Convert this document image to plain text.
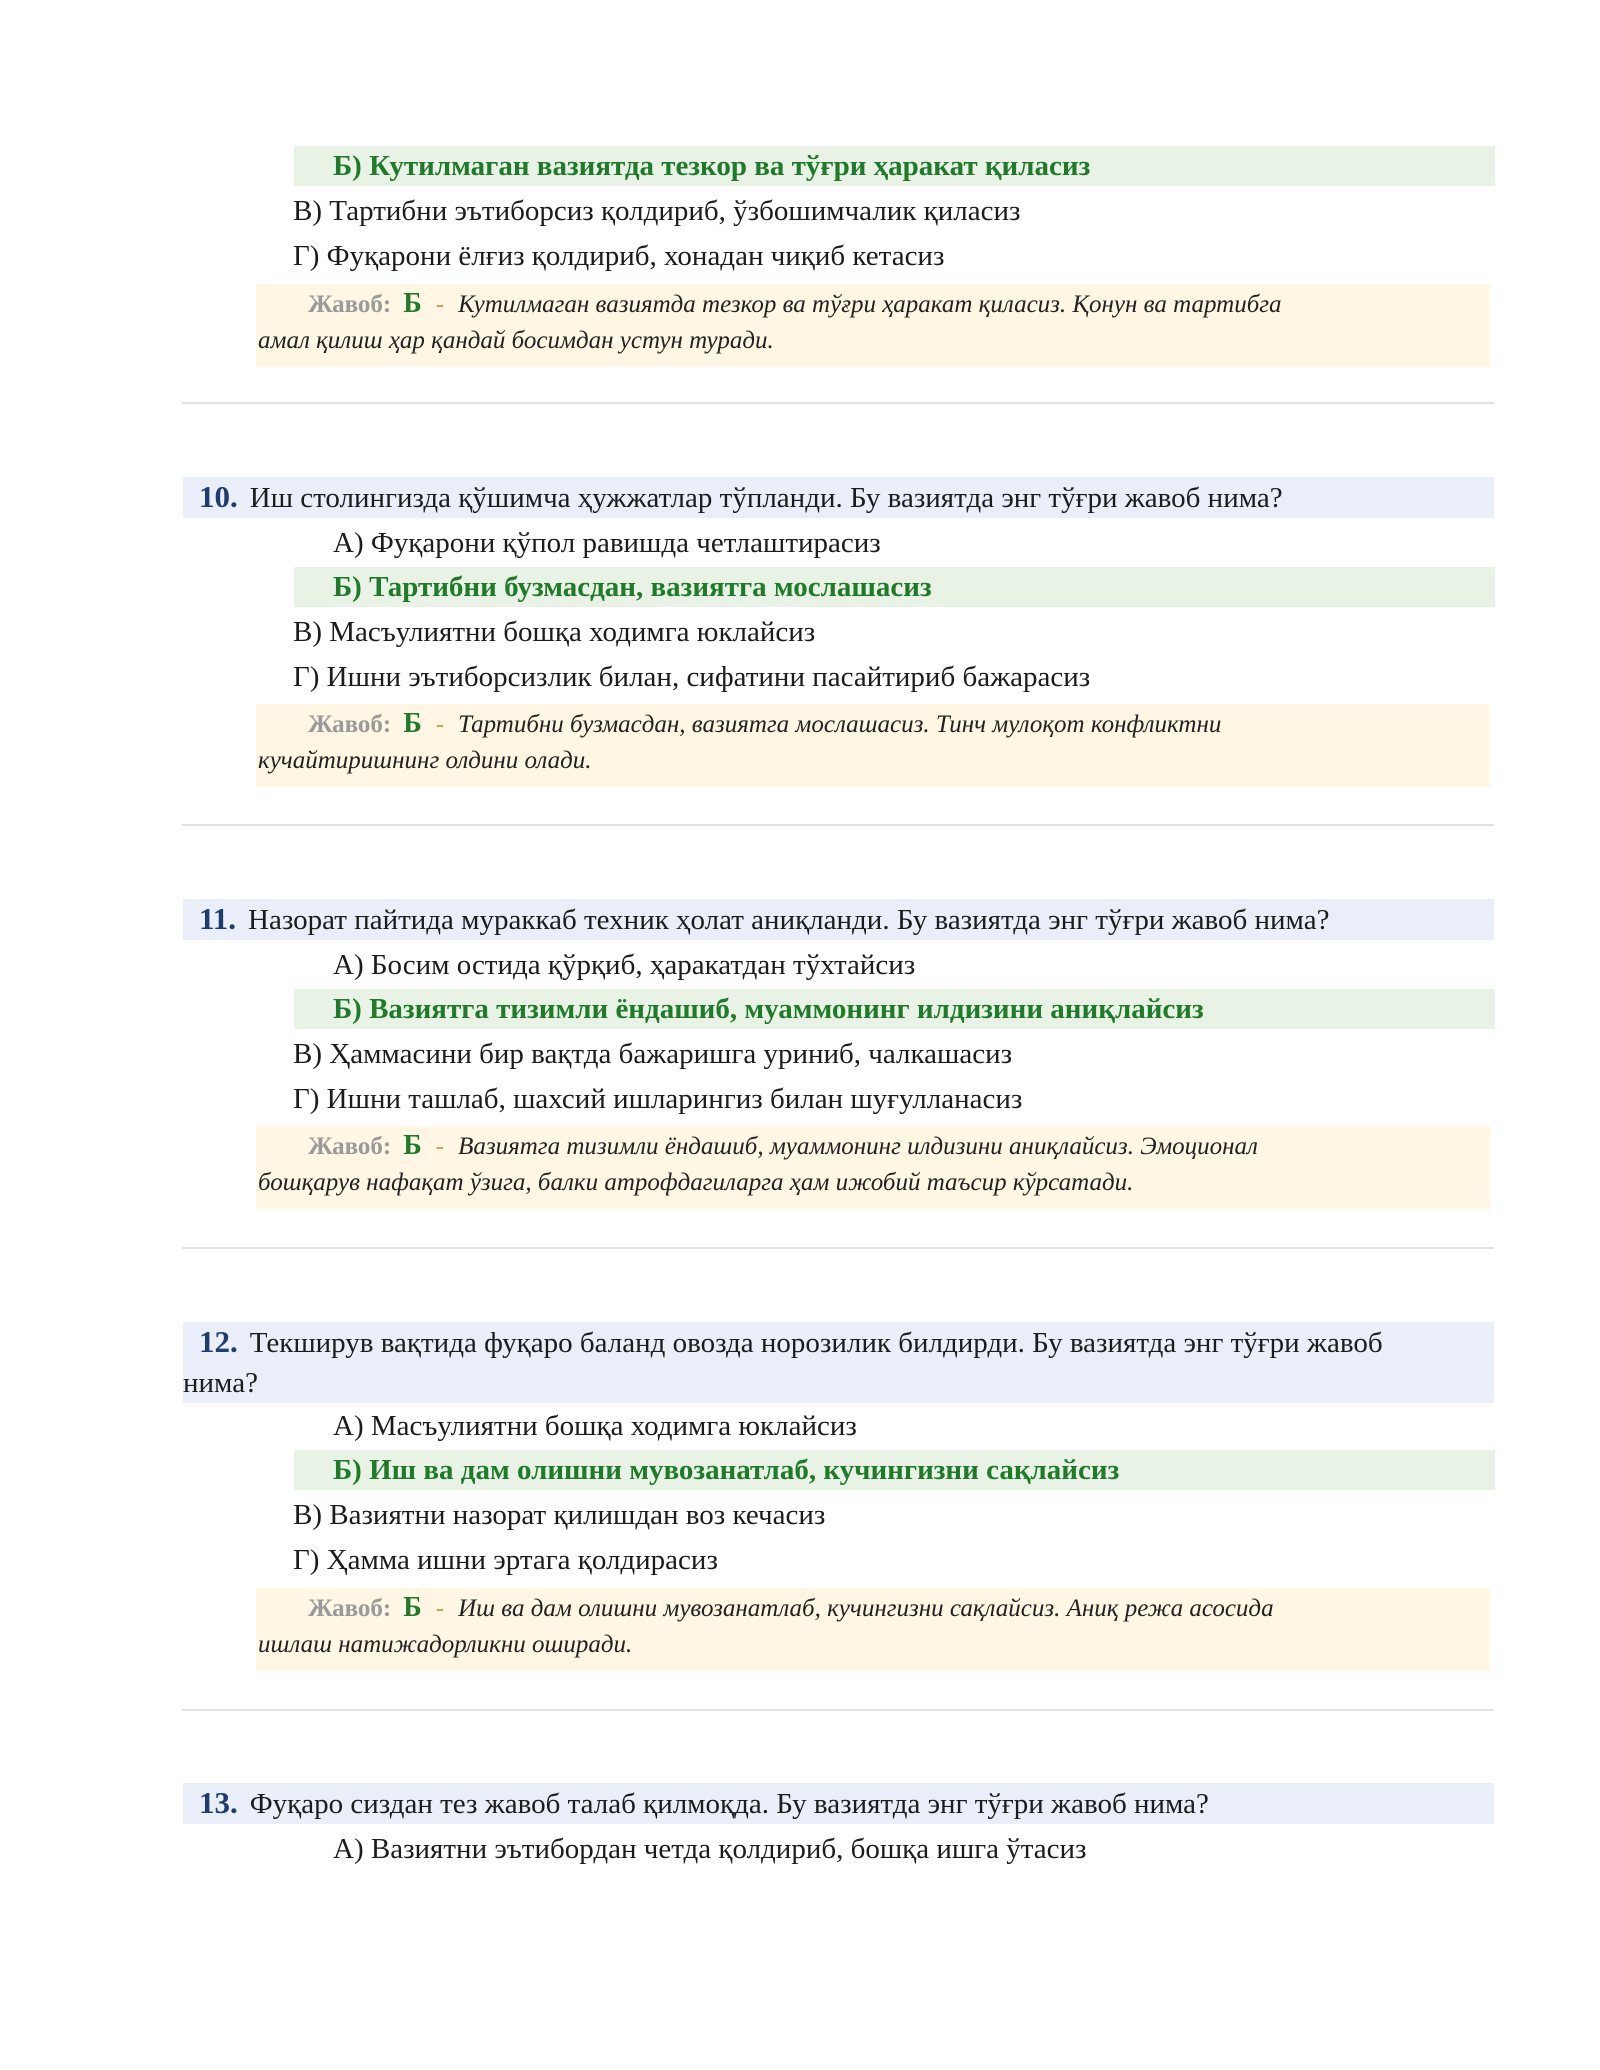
Б) Кутилмаган вазиятда тезкор ва тўғри ҳаракат қиласиз
В) Тартибни эътиборсиз қолдириб, ўзбошимчалик қиласиз
Г) Фуқарони ёлғиз қолдириб, хонадан чиқиб кетасиз
Жавоб: Б - Кутилмаган вазиятда тезкор ва тўғри ҳаракат қиласиз. Қонун ва тартибга
амал қилиш ҳар қандай босимдан устун туради.
10. Иш столингизда қўшимча ҳужжатлар тўпланди. Бу вазиятда энг тўғри жавоб нима?
А) Фуқарони қўпол равишда четлаштирасиз
Б) Тартибни бузмасдан, вазиятга мослашасиз
В) Масъулиятни бошқа ходимга юклайсиз
Г) Ишни эътиборсизлик билан, сифатини пасайтириб бажарасиз
Жавоб: Б - Тартибни бузмасдан, вазиятга мослашасиз. Тинч мулоқот конфликтни
кучайтиришнинг олдини олади.
11. Назорат пайтида мураккаб техник ҳолат аниқланди. Бу вазиятда энг тўғри жавоб нима?
А) Босим остида қўрқиб, ҳаракатдан тўхтайсиз
Б) Вазиятга тизимли ёндашиб, муаммонинг илдизини аниқлайсиз
В) Ҳаммасини бир вақтда бажаришга уриниб, чалкашасиз
Г) Ишни ташлаб, шахсий ишларингиз билан шуғулланасиз
Жавоб: Б - Вазиятга тизимли ёндашиб, муаммонинг илдизини аниқлайсиз. Эмоционал
бошқарув нафақат ўзига, балки атрофдагиларга ҳам ижобий таъсир кўрсатади.
12. Текширув вақтида фуқаро баланд овозда норозилик билдирди. Бу вазиятда энг тўғри жавоб
нима?
А) Масъулиятни бошқа ходимга юклайсиз
Б) Иш ва дам олишни мувозанатлаб, кучингизни сақлайсиз
В) Вазиятни назорат қилишдан воз кечасиз
Г) Ҳамма ишни эртага қолдирасиз
Жавоб: Б - Иш ва дам олишни мувозанатлаб, кучингизни сақлайсиз. Аниқ режа асосида
ишлаш натижадорликни оширади.
13. Фуқаро сиздан тез жавоб талаб қилмоқда. Бу вазиятда энг тўғри жавоб нима?
А) Вазиятни эътибордан четда қолдириб, бошқа ишга ўтасиз
